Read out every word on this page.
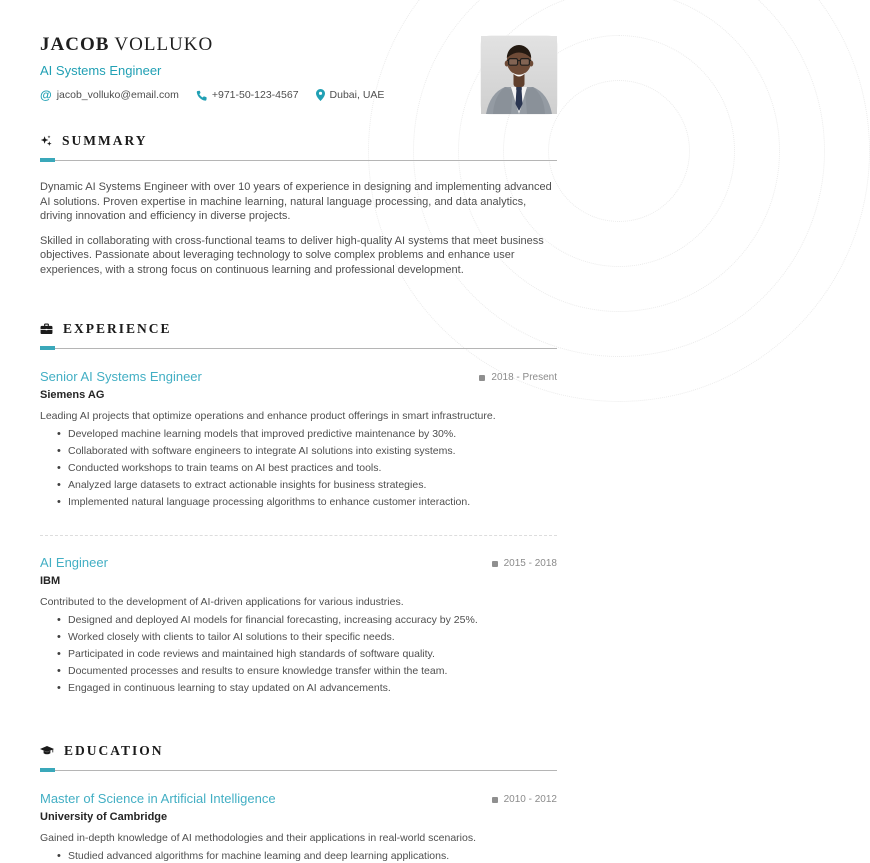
JACOB VOLLUKO
AI Systems Engineer
@ jacob_volluko@email.com	+971-50-123-4567	Dubai, UAE
SUMMARY

Dynamic AI Systems Engineer with over 10 years of experience in designing and implementing advanced AI solutions. Proven expertise in machine learning, natural language processing, and data analytics, driving innovation and efficiency in diverse projects.

Skilled in collaborating with cross-functional teams to deliver high-quality AI systems that meet business objectives. Passionate about leveraging technology to solve complex problems and enhance user experiences, with a strong focus on continuous learning and professional development.

EXPERIENCE
Senior AI Systems Engineer
Siemens AG
2018 - Present

Leading AI projects that optimize operations and enhance product offerings in smart infrastructure.

• Developed machine learning models that improved predictive maintenance by 30%.
• Collaborated with software engineers to integrate AI solutions into existing systems.
• Conducted workshops to train teams on AI best practices and tools.
• Analyzed large datasets to extract actionable insights for business strategies.
• Implemented natural language processing algorithms to enhance customer interaction.
AI Engineer
IBM
2015 - 2018

Contributed to the development of AI-driven applications for various industries.

• Designed and deployed AI models for financial forecasting, increasing accuracy by 25%.
• Worked closely with clients to tailor AI solutions to their specific needs.
• Participated in code reviews and maintained high standards of software quality.
• Documented processes and results to ensure knowledge transfer within the team.
• Engaged in continuous learning to stay updated on AI advancements.
EDUCATION
Master of Science in Artificial Intelligence
University of Cambridge
2010 - 2012

Gained in-depth knowledge of AI methodologies and their applications in real-world scenarios.

• Studied advanced algorithms for machine leaming and deep learning applications.
